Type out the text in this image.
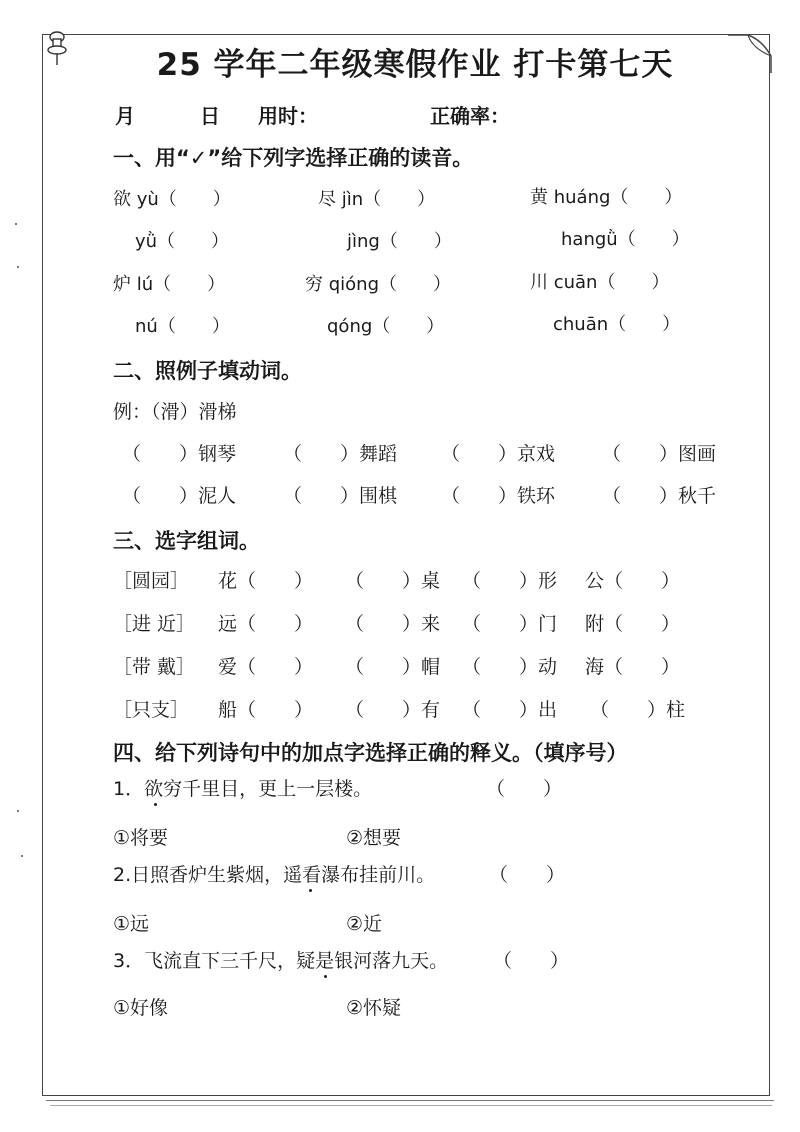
25 学年二年级寒假作业 打卡第七天
月	日 用时：	正确率：
一、用“✓”给下列字选择正确的读音。
欲 yù（　　）	尽 jìn（　　）	黄 huáng（　　）
yǜ（　　）	jìng（　　）	hangǜ（　　）
炉 lú（　　）	穷 qióng（　　）	川 cuān（　　）
nú（　　）	qóng（　　）	chuān（　　）
二、照例子填动词。
例：（滑）滑梯
（　　）钢琴 （　　）舞蹈 （　　）京戏 （　　）图画
（　　）泥人 （　　）围棋 （　　）铁环 （　　）秋千
三、选字组词。
［圆园］ 花（　　） （　　）桌 （　　）形 公（　　）
［进 近］ 远（　　） （　　）来 （　　）门 附（　　）
［带 戴］ 爱（　　） （　　）帽 （　　）动 海（　　）
［只支］ 船（　　） （　　）有 （　　）出 （　　）柱
四、给下列诗句中的加点字选择正确的释义。（填序号）
1．欲穷千里目，更上一层楼。	（　　）
①将要	②想要
2.日照香炉生紫烟，遥看瀑布挂前川。	（　　）
①远	②近
3．飞流直下三千尺，疑是银河落九天。 （　　）
①好像	②怀疑
